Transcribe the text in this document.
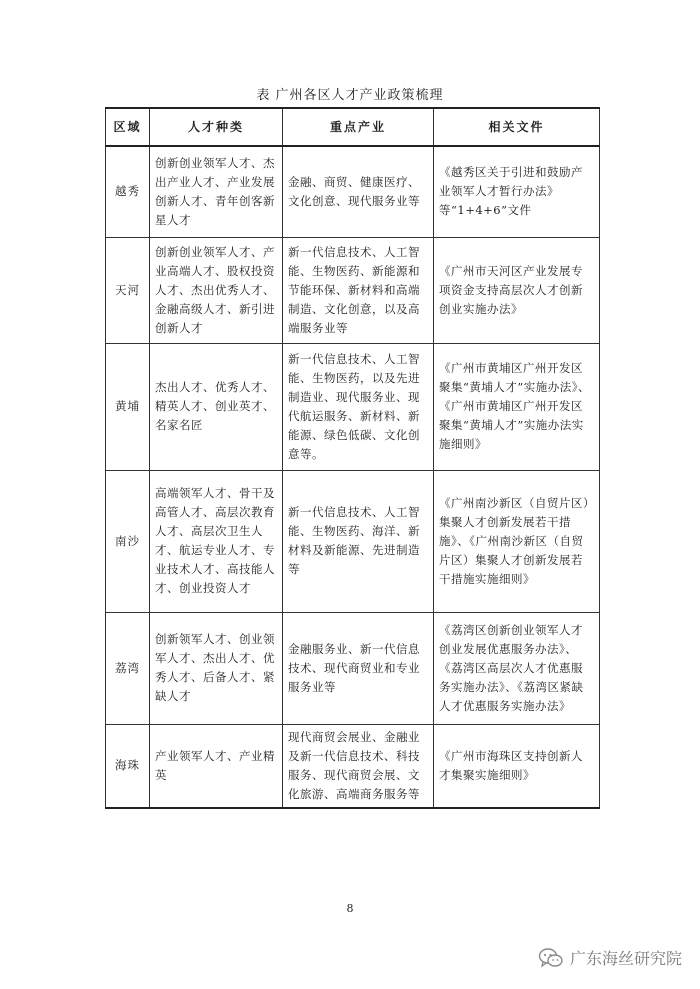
表 广州各区人才产业政策梳理
区域	人才种类	重点产业	相关文件
越秀	创新创业领军人才、杰出产业人才、产业发展创新人才、青年创客新星人才	金融、商贸、健康医疗、文化创意、现代服务业等	《越秀区关于引进和鼓励产业领军人才暂行办法》等“1+4+6”文件
天河	创新创业领军人才、产业高端人才、股权投资人才、杰出优秀人才、金融高级人才、新引进创新人才	新一代信息技术、人工智能、生物医药、新能源和节能环保、新材料和高端制造、文化创意，以及高端服务业等	《广州市天河区产业发展专项资金支持高层次人才创新创业实施办法》
黄埔	杰出人才、优秀人才、精英人才、创业英才、名家名匠	新一代信息技术、人工智能、生物医药，以及先进制造业、现代服务业、现代航运服务、新材料、新能源、绿色低碳、文化创意等。	《广州市黄埔区广州开发区聚集“黄埔人才”实施办法》、《广州市黄埔区广州开发区聚集“黄埔人才”实施办法实施细则》
南沙	高端领军人才、骨干及高管人才、高层次教育人才、高层次卫生人才、航运专业人才、专业技术人才、高技能人才、创业投资人才	新一代信息技术、人工智能、生物医药、海洋、新材料及新能源、先进制造等	《广州南沙新区（自贸片区）集聚人才创新发展若干措施》、《广州南沙新区（自贸片区）集聚人才创新发展若干措施实施细则》
荔湾	创新领军人才、创业领军人才、杰出人才、优秀人才、后备人才、紧缺人才	金融服务业、新一代信息技术、现代商贸业和专业服务业等	《荔湾区创新创业领军人才创业发展优惠服务办法》、《荔湾区高层次人才优惠服务实施办法》、《荔湾区紧缺人才优惠服务实施办法》
海珠	产业领军人才、产业精英	现代商贸会展业、金融业及新一代信息技术、科技服务、现代商贸会展、文化旅游、高端商务服务等	《广州市海珠区支持创新人才集聚实施细则》
8
广东海丝研究院
